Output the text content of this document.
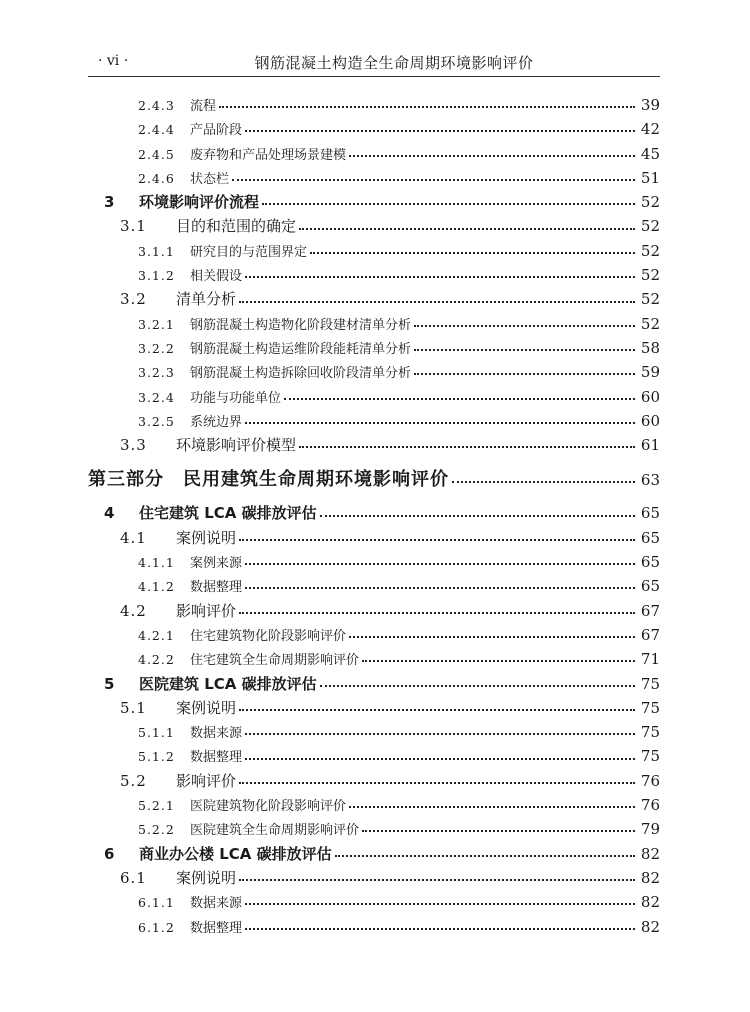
· vi ·	钢筋混凝土构造全生命周期环境影响评价
2.4.3	流程	39
2.4.4	产品阶段	42
2.4.5	废弃物和产品处理场景建模	45
2.4.6	状态栏	51
3	环境影响评价流程	52
3.1	目的和范围的确定	52
3.1.1	研究目的与范围界定	52
3.1.2	相关假设	52
3.2	清单分析	52
3.2.1	钢筋混凝土构造物化阶段建材清单分析	52
3.2.2	钢筋混凝土构造运维阶段能耗清单分析	58
3.2.3	钢筋混凝土构造拆除回收阶段清单分析	59
3.2.4	功能与功能单位	60
3.2.5	系统边界	60
3.3	环境影响评价模型	61
第三部分　民用建筑生命周期环境影响评价	63
4	住宅建筑 LCA 碳排放评估	65
4.1	案例说明	65
4.1.1	案例来源	65
4.1.2	数据整理	65
4.2	影响评价	67
4.2.1	住宅建筑物化阶段影响评价	67
4.2.2	住宅建筑全生命周期影响评价	71
5	医院建筑 LCA 碳排放评估	75
5.1	案例说明	75
5.1.1	数据来源	75
5.1.2	数据整理	75
5.2	影响评价	76
5.2.1	医院建筑物化阶段影响评价	76
5.2.2	医院建筑全生命周期影响评价	79
6	商业办公楼 LCA 碳排放评估	82
6.1	案例说明	82
6.1.1	数据来源	82
6.1.2	数据整理	82
